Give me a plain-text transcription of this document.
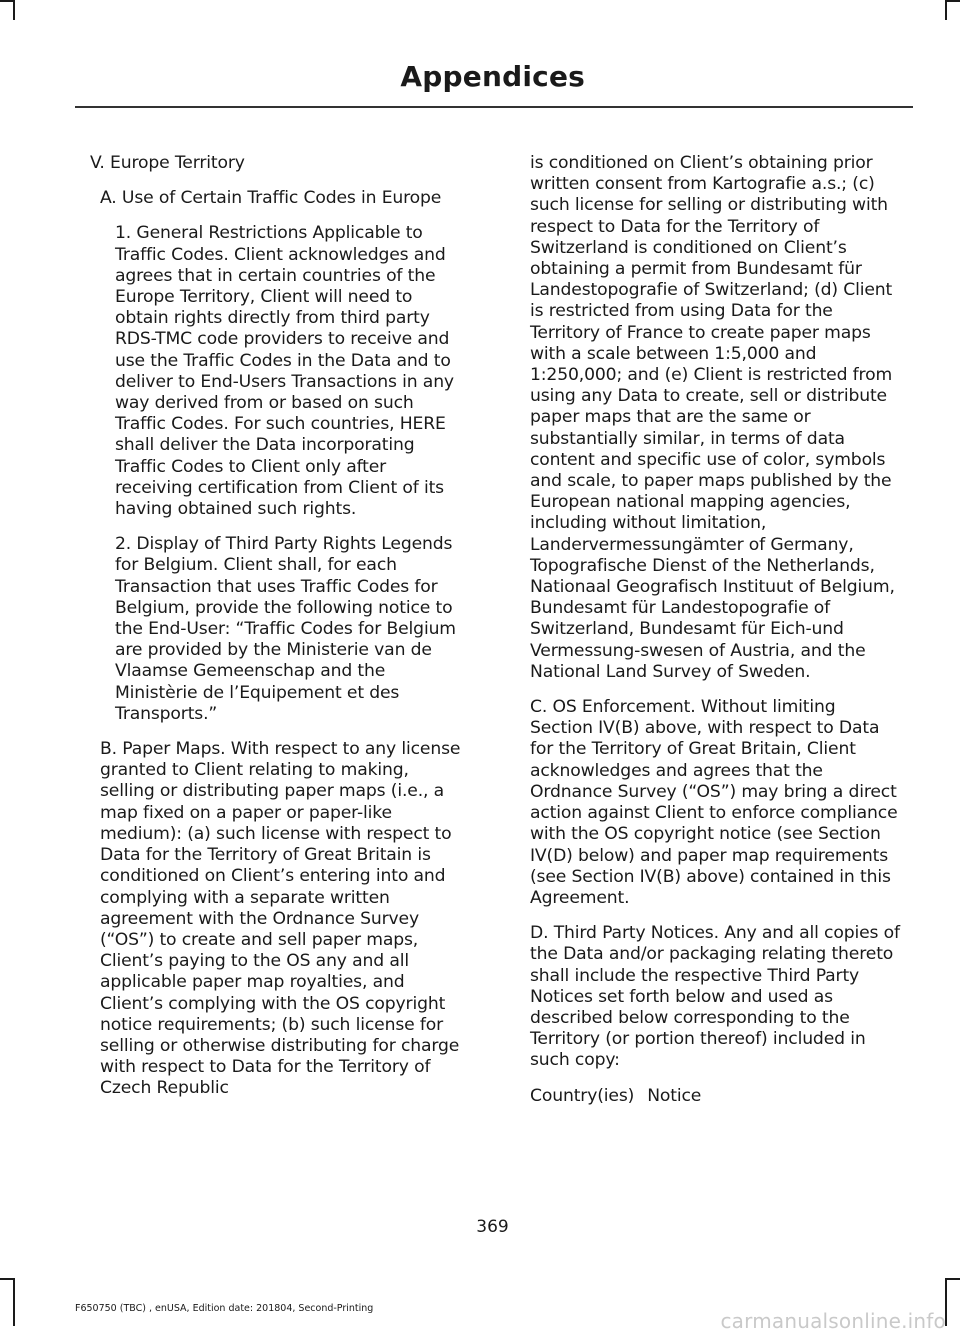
Appendices

V. Europe Territory

A. Use of Certain Traffic Codes in Europe

1. General Restrictions Applicable to Traffic Codes. Client acknowledges and agrees that in certain countries of the Europe Territory, Client will need to obtain rights directly from third party RDS-TMC code providers to receive and use the Traffic Codes in the Data and to deliver to End-Users Transactions in any way derived from or based on such Traffic Codes. For such countries, HERE shall deliver the Data incorporating Traffic Codes to Client only after receiving certification from Client of its having obtained such rights.

2. Display of Third Party Rights Legends for Belgium. Client shall, for each Transaction that uses Traffic Codes for Belgium, provide the following notice to the End-User: “Traffic Codes for Belgium are provided by the Ministerie van de Vlaamse Gemeenschap and the Ministèrie de l’Equipement et des Transports.”

B. Paper Maps. With respect to any license granted to Client relating to making, selling or distributing paper maps (i.e., a map fixed on a paper or paper-like medium): (a) such license with respect to Data for the Territory of Great Britain is conditioned on Client’s entering into and complying with a separate written agreement with the Ordnance Survey (“OS”) to create and sell paper maps, Client’s paying to the OS any and all applicable paper map royalties, and Client’s complying with the OS copyright notice requirements; (b) such license for selling or otherwise distributing for charge with respect to Data for the Territory of Czech Republic

is conditioned on Client’s obtaining prior written consent from Kartografie a.s.; (c) such license for selling or distributing with respect to Data for the Territory of Switzerland is conditioned on Client’s obtaining a permit from Bundesamt für Landestopografie of Switzerland; (d) Client is restricted from using Data for the Territory of France to create paper maps with a scale between 1:5,000 and 1:250,000; and (e) Client is restricted from using any Data to create, sell or distribute paper maps that are the same or substantially similar, in terms of data content and specific use of color, symbols and scale, to paper maps published by the European national mapping agencies, including without limitation, Landervermessungämter of Germany, Topografische Dienst of the Netherlands, Nationaal Geografisch Instituut of Belgium, Bundesamt für Landestopografie of Switzerland, Bundesamt für Eich-und Vermessung-swesen of Austria, and the National Land Survey of Sweden.

C. OS Enforcement. Without limiting Section IV(B) above, with respect to Data for the Territory of Great Britain, Client acknowledges and agrees that the Ordnance Survey (“OS”) may bring a direct action against Client to enforce compliance with the OS copyright notice (see Section IV(D) below) and paper map requirements (see Section IV(B) above) contained in this Agreement.

D. Third Party Notices. Any and all copies of the Data and/or packaging relating thereto shall include the respective Third Party Notices set forth below and used as described below corresponding to the Territory (or portion thereof) included in such copy:

Country(ies) Notice
369
F650750 (TBC) , enUSA, Edition date: 201804, Second-Printing
carmanualsonline.info
